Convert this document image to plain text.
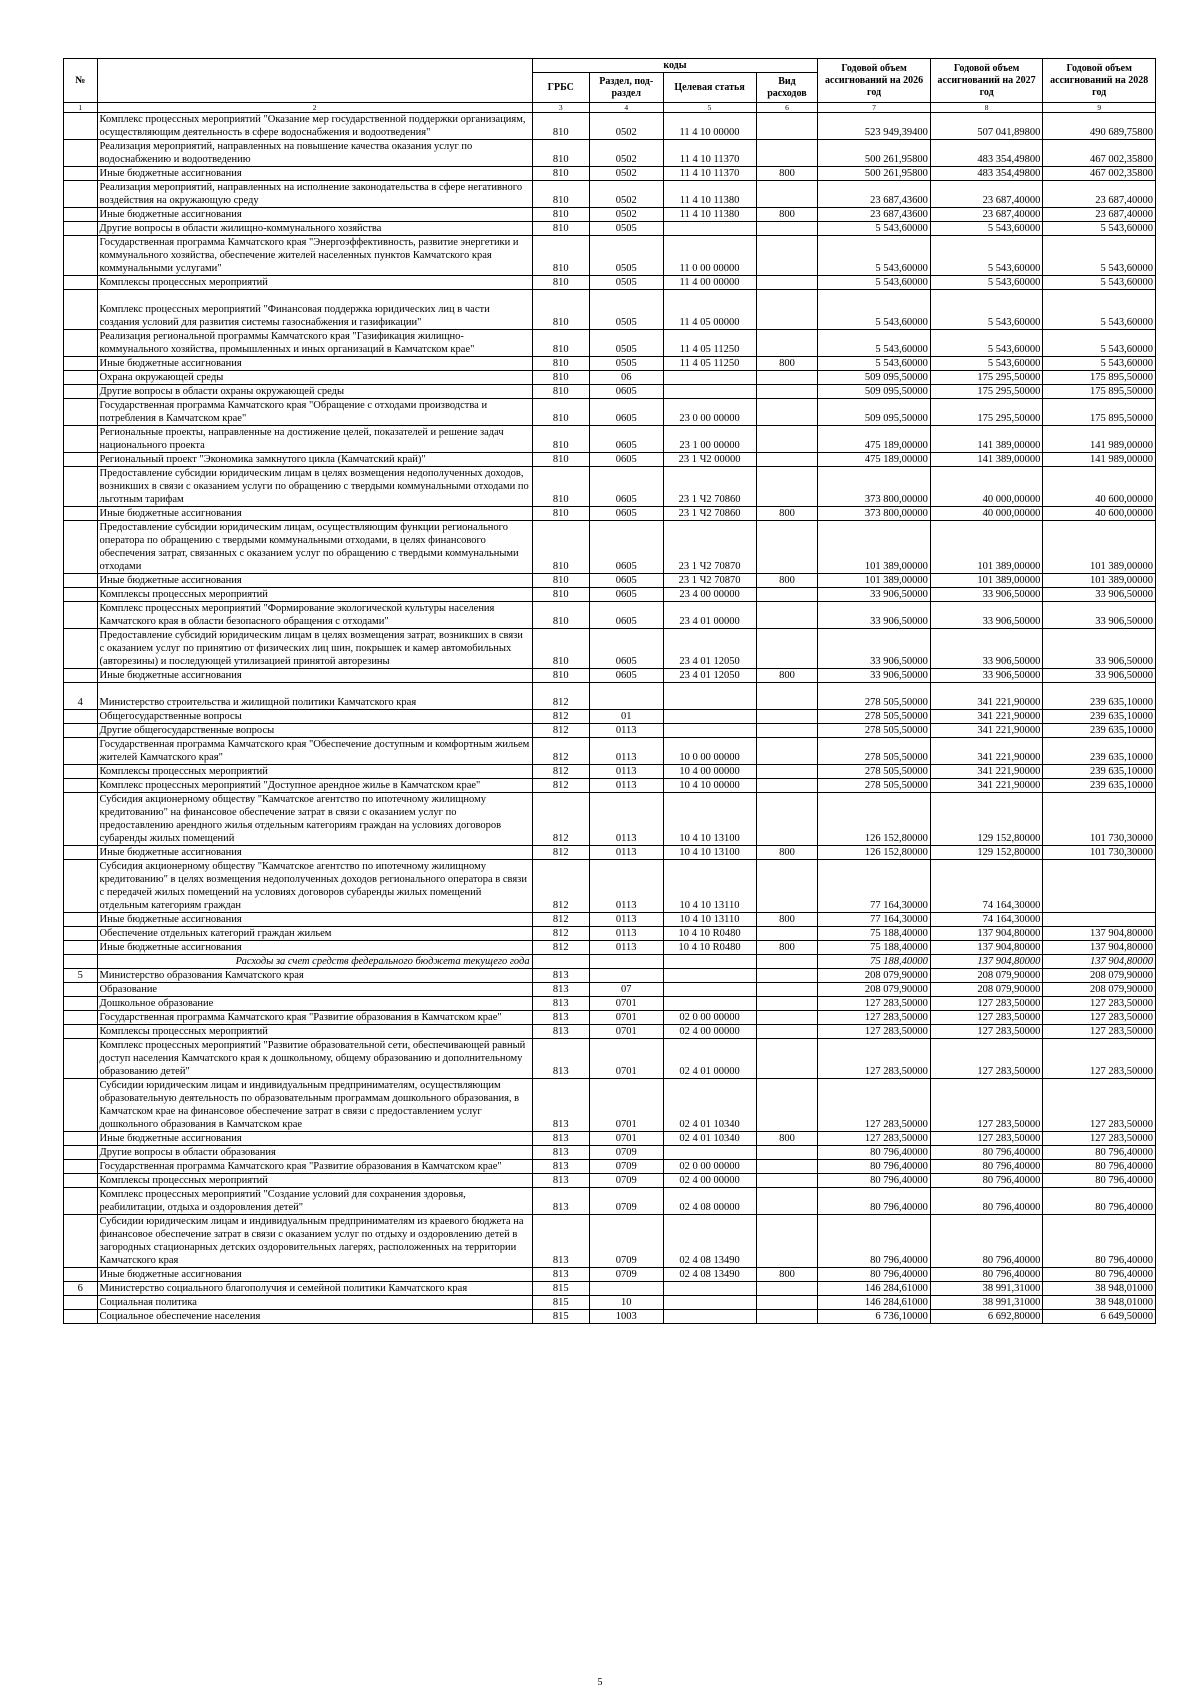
№		коды				Годовой объем ассигнований на 2026 год	Годовой объем ассигнований на 2027 год	Годовой объем ассигнований на 2028 год
		ГРБС	Раздел, под-раздел	Целевая статья	Вид расходов			
1	2	3	4	5	6	7	8	9
	Комплекс процессных мероприятий "Оказание мер государственной поддержки организациям, осуществляющим деятельность в сфере водоснабжения и водоотведения"	810	0502	11 4 10 00000		523 949,39400	507 041,89800	490 689,75800
	Реализация мероприятий, направленных на повышение качества оказания услуг по водоснабжению и водоотведению	810	0502	11 4 10 11370		500 261,95800	483 354,49800	467 002,35800
	Иные бюджетные ассигнования	810	0502	11 4 10 11370	800	500 261,95800	483 354,49800	467 002,35800
	Реализация мероприятий, направленных на исполнение законодательства в сфере негативного воздействия на окружающую среду	810	0502	11 4 10 11380		23 687,43600	23 687,40000	23 687,40000
	Иные бюджетные ассигнования	810	0502	11 4 10 11380	800	23 687,43600	23 687,40000	23 687,40000
	Другие вопросы в области жилищно-коммунального хозяйства	810	0505			5 543,60000	5 543,60000	5 543,60000
	Государственная программа Камчатского края "Энергоэффективность, развитие энергетики и коммунального хозяйства, обеспечение жителей населенных пунктов Камчатского края коммунальными услугами"	810	0505	11 0 00 00000		5 543,60000	5 543,60000	5 543,60000
	Комплексы процессных мероприятий	810	0505	11 4 00 00000		5 543,60000	5 543,60000	5 543,60000
	Комплекс процессных мероприятий "Финансовая поддержка юридических лиц в части создания условий для развития системы газоснабжения и газификации"	810	0505	11 4 05 00000		5 543,60000	5 543,60000	5 543,60000
	Реализация региональной программы Камчатского края "Газификация жилищно-коммунального хозяйства, промышленных и иных организаций в Камчатском крае"	810	0505	11 4 05 11250		5 543,60000	5 543,60000	5 543,60000
	Иные бюджетные ассигнования	810	0505	11 4 05 11250	800	5 543,60000	5 543,60000	5 543,60000
	Охрана окружающей среды	810	06			509 095,50000	175 295,50000	175 895,50000
	Другие вопросы в области охраны окружающей среды	810	0605			509 095,50000	175 295,50000	175 895,50000
	Государственная программа Камчатского края "Обращение с отходами производства и потребления в Камчатском крае"	810	0605	23 0 00 00000		509 095,50000	175 295,50000	175 895,50000
	Региональные проекты, направленные на достижение целей, показателей и решение задач национального проекта	810	0605	23 1 00 00000		475 189,00000	141 389,00000	141 989,00000
	Региональный проект "Экономика замкнутого цикла (Камчатский край)"	810	0605	23 1 Ч2 00000		475 189,00000	141 389,00000	141 989,00000
	Предоставление субсидии юридическим лицам в целях возмещения недополученных доходов, возникших в связи с оказанием услуги по обращению с твердыми коммунальными отходами по льготным тарифам	810	0605	23 1 Ч2 70860		373 800,00000	40 000,00000	40 600,00000
	Иные бюджетные ассигнования	810	0605	23 1 Ч2 70860	800	373 800,00000	40 000,00000	40 600,00000
	Предоставление субсидии юридическим лицам, осуществляющим функции регионального оператора по обращению с твердыми коммунальными отходами, в целях финансового обеспечения затрат, связанных с оказанием услуг по обращению с твердыми коммунальными отходами	810	0605	23 1 Ч2 70870		101 389,00000	101 389,00000	101 389,00000
	Иные бюджетные ассигнования	810	0605	23 1 Ч2 70870	800	101 389,00000	101 389,00000	101 389,00000
	Комплексы процессных мероприятий	810	0605	23 4 00 00000		33 906,50000	33 906,50000	33 906,50000
	Комплекс процессных мероприятий "Формирование экологической культуры населения Камчатского края в области безопасного обращения с отходами"	810	0605	23 4 01 00000		33 906,50000	33 906,50000	33 906,50000
	Предоставление субсидий юридическим лицам в целях возмещения затрат, возникших в связи с оказанием услуг по принятию от физических лиц шин, покрышек и камер автомобильных (авторезины) и последующей утилизацией принятой авторезины	810	0605	23 4 01 12050		33 906,50000	33 906,50000	33 906,50000
	Иные бюджетные ассигнования	810	0605	23 4 01 12050	800	33 906,50000	33 906,50000	33 906,50000
4	Министерство строительства и жилищной политики Камчатского края	812				278 505,50000	341 221,90000	239 635,10000
	Общегосударственные вопросы	812	01			278 505,50000	341 221,90000	239 635,10000
	Другие общегосударственные вопросы	812	0113			278 505,50000	341 221,90000	239 635,10000
	Государственная программа Камчатского края "Обеспечение доступным и комфортным жильем жителей Камчатского края"	812	0113	10 0 00 00000		278 505,50000	341 221,90000	239 635,10000
	Комплексы процессных мероприятий	812	0113	10 4 00 00000		278 505,50000	341 221,90000	239 635,10000
	Комплекс процессных мероприятий "Доступное арендное жилье в Камчатском крае"	812	0113	10 4 10 00000		278 505,50000	341 221,90000	239 635,10000
	Субсидия акционерному обществу "Камчатское агентство по ипотечному жилищному кредитованию" на финансовое обеспечение затрат в связи с оказанием услуг по предоставлению арендного жилья отдельным категориям граждан на условиях договоров субаренды жилых помещений	812	0113	10 4 10 13100		126 152,80000	129 152,80000	101 730,30000
	Иные бюджетные ассигнования	812	0113	10 4 10 13100	800	126 152,80000	129 152,80000	101 730,30000
	Субсидия акционерному обществу "Камчатское агентство по ипотечному жилищному кредитованию" в целях возмещения недополученных доходов регионального оператора в связи с передачей жилых помещений на условиях договоров субаренды жилых помещений отдельным категориям граждан	812	0113	10 4 10 13110		77 164,30000	74 164,30000	
	Иные бюджетные ассигнования	812	0113	10 4 10 13110	800	77 164,30000	74 164,30000	
	Обеспечение отдельных категорий граждан жильем	812	0113	10 4 10 R0480		75 188,40000	137 904,80000	137 904,80000
	Иные бюджетные ассигнования	812	0113	10 4 10 R0480	800	75 188,40000	137 904,80000	137 904,80000
	Расходы за счет средств федерального бюджета текущего года					75 188,40000	137 904,80000	137 904,80000
5	Министерство образования Камчатского края	813				208 079,90000	208 079,90000	208 079,90000
	Образование	813	07			208 079,90000	208 079,90000	208 079,90000
	Дошкольное образование	813	0701			127 283,50000	127 283,50000	127 283,50000
	Государственная программа Камчатского края "Развитие образования в Камчатском крае"	813	0701	02 0 00 00000		127 283,50000	127 283,50000	127 283,50000
	Комплексы процессных мероприятий	813	0701	02 4 00 00000		127 283,50000	127 283,50000	127 283,50000
	Комплекс процессных мероприятий "Развитие образовательной сети, обеспечивающей равный доступ населения Камчатского края к дошкольному, общему образованию и дополнительному образованию детей"	813	0701	02 4 01 00000		127 283,50000	127 283,50000	127 283,50000
	Субсидии юридическим лицам и индивидуальным предпринимателям, осуществляющим образовательную деятельность по образовательным программам дошкольного образования, в Камчатском крае на финансовое обеспечение затрат в связи с предоставлением услуг дошкольного образования в Камчатском крае	813	0701	02 4 01 10340		127 283,50000	127 283,50000	127 283,50000
	Иные бюджетные ассигнования	813	0701	02 4 01 10340	800	127 283,50000	127 283,50000	127 283,50000
	Другие вопросы в области образования	813	0709			80 796,40000	80 796,40000	80 796,40000
	Государственная программа Камчатского края "Развитие образования в Камчатском крае"	813	0709	02 0 00 00000		80 796,40000	80 796,40000	80 796,40000
	Комплексы процессных мероприятий	813	0709	02 4 00 00000		80 796,40000	80 796,40000	80 796,40000
	Комплекс процессных мероприятий "Создание условий для сохранения здоровья, реабилитации, отдыха и оздоровления детей"	813	0709	02 4 08 00000		80 796,40000	80 796,40000	80 796,40000
	Субсидии юридическим лицам и индивидуальным предпринимателям из краевого бюджета на финансовое обеспечение затрат в связи с оказанием услуг по отдыху и оздоровлению детей в загородных стационарных детских оздоровительных лагерях, расположенных на территории Камчатского края	813	0709	02 4 08 13490		80 796,40000	80 796,40000	80 796,40000
	Иные бюджетные ассигнования	813	0709	02 4 08 13490	800	80 796,40000	80 796,40000	80 796,40000
6	Министерство социального благополучия и семейной политики Камчатского края	815				146 284,61000	38 991,31000	38 948,01000
	Социальная политика	815	10			146 284,61000	38 991,31000	38 948,01000
	Социальное обеспечение населения	815	1003			6 736,10000	6 692,80000	6 649,50000
5
